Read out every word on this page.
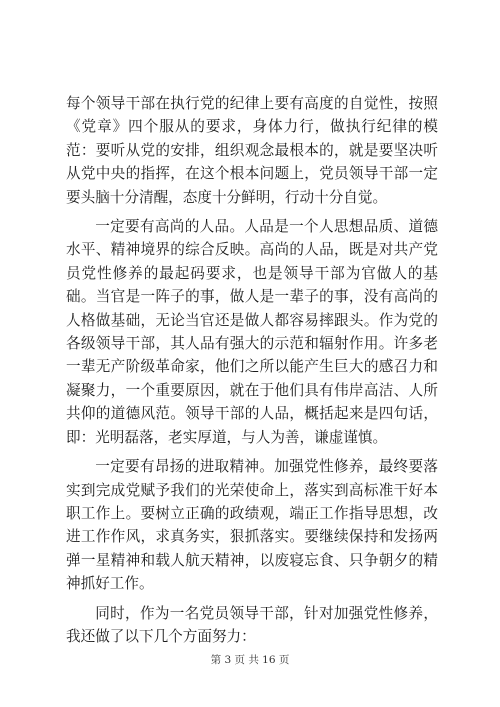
每个领导干部在执行党的纪律上要有高度的自觉性，按照《党章》四个服从的要求，身体力行，做执行纪律的模范：要听从党的安排，组织观念最根本的，就是要坚决听从党中央的指挥，在这个根本问题上，党员领导干部一定要头脑十分清醒，态度十分鲜明，行动十分自觉。

一定要有高尚的人品。人品是一个人思想品质、道德水平、精神境界的综合反映。高尚的人品，既是对共产党员党性修养的最起码要求，也是领导干部为官做人的基础。当官是一阵子的事，做人是一辈子的事，没有高尚的人格做基础，无论当官还是做人都容易摔跟头。作为党的各级领导干部，其人品有强大的示范和辐射作用。许多老一辈无产阶级革命家，他们之所以能产生巨大的感召力和凝聚力，一个重要原因，就在于他们具有伟岸高洁、人所共仰的道德风范。领导干部的人品，概括起来是四句话，即：光明磊落，老实厚道，与人为善，谦虚谨慎。

一定要有昂扬的进取精神。加强党性修养，最终要落实到完成党赋予我们的光荣使命上，落实到高标准干好本职工作上。要树立正确的政绩观，端正工作指导思想，改进工作作风，求真务实，狠抓落实。要继续保持和发扬两弹一星精神和载人航天精神，以废寝忘食、只争朝夕的精神抓好工作。

同时，作为一名党员领导干部，针对加强党性修养，我还做了以下几个方面努力：

第 3 页 共 16 页
